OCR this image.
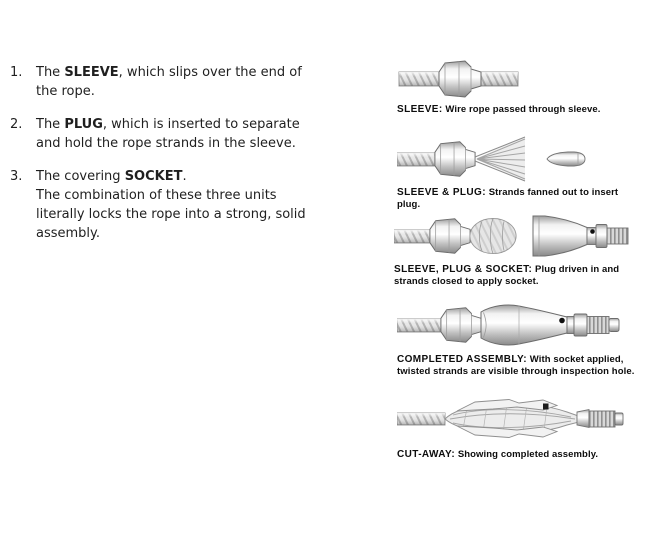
1.	The SLEEVE, which slips over the end of the rope.
2.	The PLUG, which is inserted to separate and hold the rope strands in the sleeve.
3.	The covering SOCKET.
The combination of these three units literally locks the rope into a strong, solid assembly.
SLEEVE: Wire rope passed through sleeve.
SLEEVE & PLUG: Strands fanned out to insert plug.
SLEEVE, PLUG & SOCKET: Plug driven in and strands closed to apply socket.
COMPLETED ASSEMBLY: With socket applied, twisted strands are visible through inspection hole.
CUT-AWAY: Showing completed assembly.
